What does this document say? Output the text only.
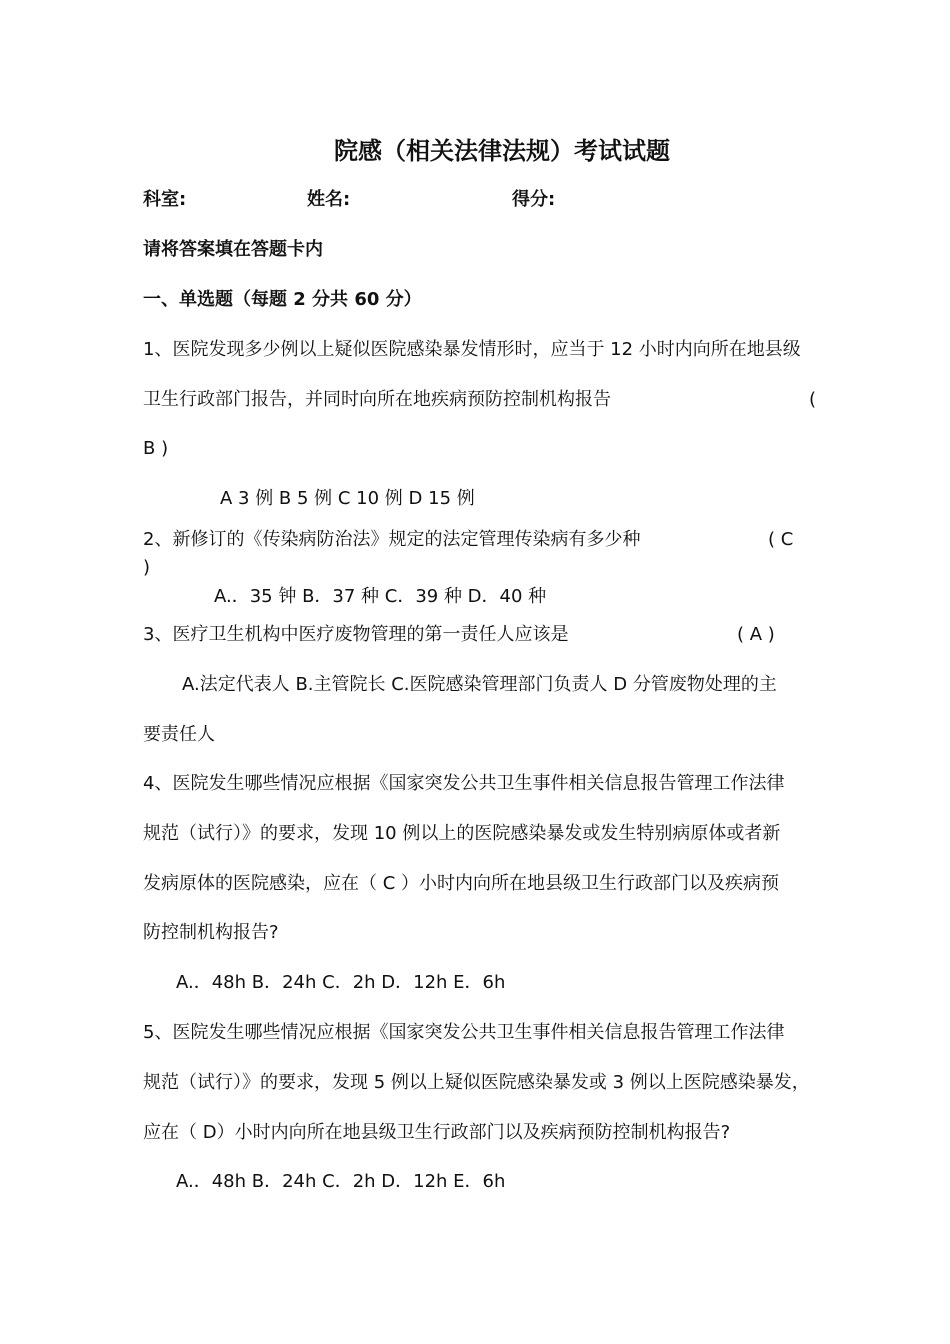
院感（相关法律法规）考试试题
科室:	姓名:	得分:
请将答案填在答题卡内
一、单选题（每题 2 分共 60 分）
1、医院发现多少例以上疑似医院感染暴发情形时，应当于 12 小时内向所在地县级
卫生行政部门报告，并同时向所在地疾病预防控制机构报告	(
B )
A 3 例 B 5 例 C 10 例 D 15 例
2、新修订的《传染病防治法》规定的法定管理传染病有多少种	( C
)
A.．35 钟 B．37 种 C．39 种 D．40 种
3、医疗卫生机构中医疗废物管理的第一责任人应该是	( A )
A.法定代表人 B.主管院长 C.医院感染管理部门负责人 D 分管废物处理的主
要责任人
4、医院发生哪些情况应根据《国家突发公共卫生事件相关信息报告管理工作法律
规范（试行）》的要求，发现 10 例以上的医院感染暴发或发生特别病原体或者新
发病原体的医院感染，应在（ C ）小时内向所在地县级卫生行政部门以及疾病预
防控制机构报告?
A.．48h B．24h C．2h D．12h E．6h
5、医院发生哪些情况应根据《国家突发公共卫生事件相关信息报告管理工作法律
规范（试行）》的要求，发现 5 例以上疑似医院感染暴发或 3 例以上医院感染暴发，
应在（ D）小时内向所在地县级卫生行政部门以及疾病预防控制机构报告?
A.．48h B．24h C．2h D．12h E．6h
